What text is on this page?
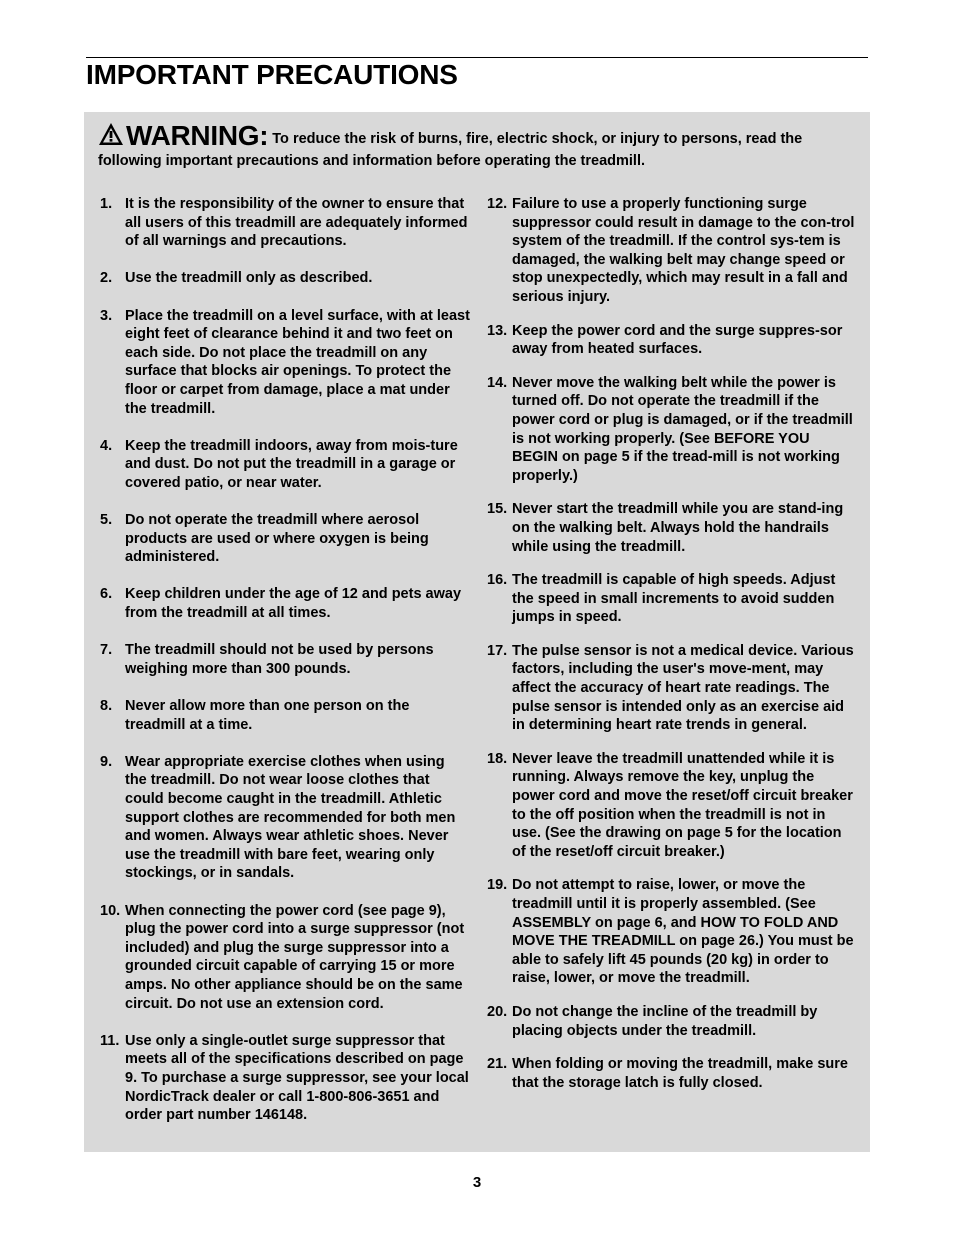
IMPORTANT PRECAUTIONS
WARNING: To reduce the risk of burns, fire, electric shock, or injury to persons, read the following important precautions and information before operating the treadmill.
1. It is the responsibility of the owner to ensure that all users of this treadmill are adequately informed of all warnings and precautions.
2. Use the treadmill only as described.
3. Place the treadmill on a level surface, with at least eight feet of clearance behind it and two feet on each side. Do not place the treadmill on any surface that blocks air openings. To protect the floor or carpet from damage, place a mat under the treadmill.
4. Keep the treadmill indoors, away from mois-ture and dust. Do not put the treadmill in a garage or covered patio, or near water.
5. Do not operate the treadmill where aerosol products are used or where oxygen is being administered.
6. Keep children under the age of 12 and pets away from the treadmill at all times.
7. The treadmill should not be used by persons weighing more than 300 pounds.
8. Never allow more than one person on the treadmill at a time.
9. Wear appropriate exercise clothes when using the treadmill. Do not wear loose clothes that could become caught in the treadmill. Athletic support clothes are recommended for both men and women. Always wear athletic shoes. Never use the treadmill with bare feet, wearing only stockings, or in sandals.
10. When connecting the power cord (see page 9), plug the power cord into a surge suppressor (not included) and plug the surge suppressor into a grounded circuit capable of carrying 15 or more amps. No other appliance should be on the same circuit. Do not use an extension cord.
11. Use only a single-outlet surge suppressor that meets all of the specifications described on page 9. To purchase a surge suppressor, see your local NordicTrack dealer or call 1-800-806-3651 and order part number 146148.
12. Failure to use a properly functioning surge suppressor could result in damage to the con-trol system of the treadmill. If the control sys-tem is damaged, the walking belt may change speed or stop unexpectedly, which may result in a fall and serious injury.
13. Keep the power cord and the surge suppres-sor away from heated surfaces.
14. Never move the walking belt while the power is turned off. Do not operate the treadmill if the power cord or plug is damaged, or if the treadmill is not working properly. (See BEFORE YOU BEGIN on page 5 if the tread-mill is not working properly.)
15. Never start the treadmill while you are stand-ing on the walking belt. Always hold the handrails while using the treadmill.
16. The treadmill is capable of high speeds. Adjust the speed in small increments to avoid sudden jumps in speed.
17. The pulse sensor is not a medical device. Various factors, including the user's move-ment, may affect the accuracy of heart rate readings. The pulse sensor is intended only as an exercise aid in determining heart rate trends in general.
18. Never leave the treadmill unattended while it is running. Always remove the key, unplug the power cord and move the reset/off circuit breaker to the off position when the treadmill is not in use. (See the drawing on page 5 for the location of the reset/off circuit breaker.)
19. Do not attempt to raise, lower, or move the treadmill until it is properly assembled. (See ASSEMBLY on page 6, and HOW TO FOLD AND MOVE THE TREADMILL on page 26.) You must be able to safely lift 45 pounds (20 kg) in order to raise, lower, or move the treadmill.
20. Do not change the incline of the treadmill by placing objects under the treadmill.
21. When folding or moving the treadmill, make sure that the storage latch is fully closed.
3
